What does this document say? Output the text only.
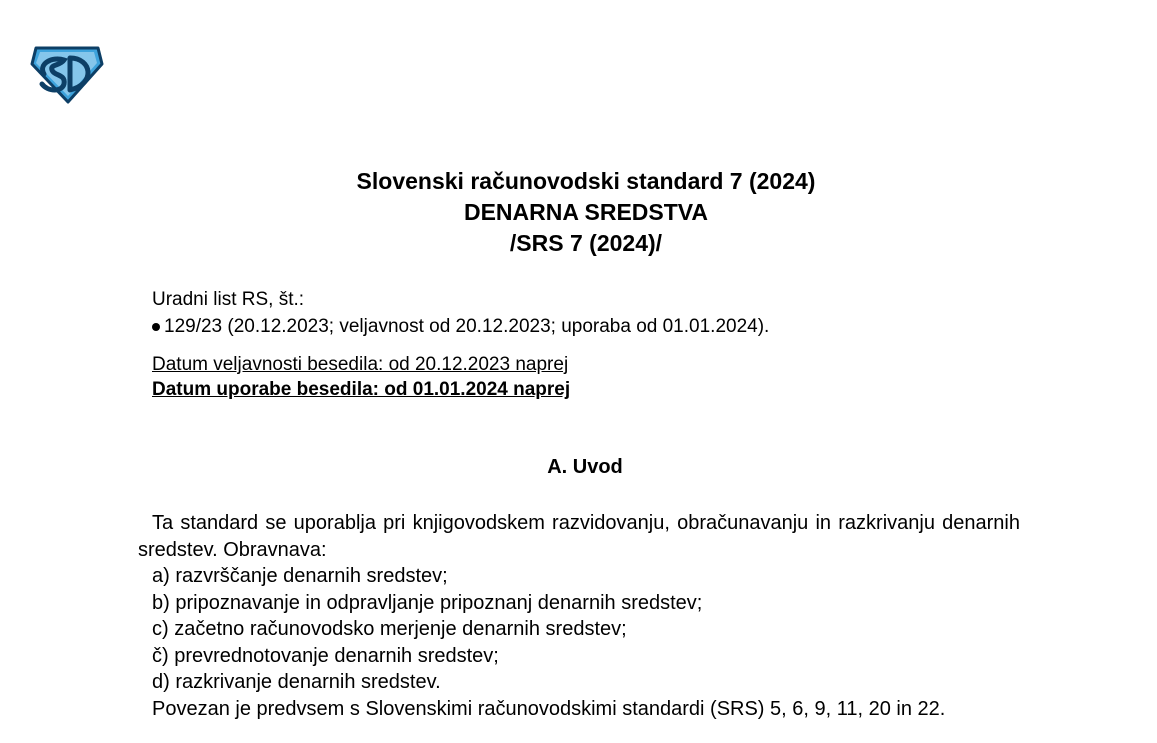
Slovenski računovodski standard 7 (2024)
DENARNA SREDSTVA
/SRS 7 (2024)/
Uradni list RS, št.:
129/23 (20.12.2023; veljavnost od 20.12.2023; uporaba od 01.01.2024).
Datum veljavnosti besedila: od 20.12.2023 naprej
Datum uporabe besedila: od 01.01.2024 naprej
A. Uvod
Ta standard se uporablja pri knjigovodskem razvidovanju, obračunavanju in razkrivanju denarnih sredstev. Obravnava:
a) razvrščanje denarnih sredstev;
b) pripoznavanje in odpravljanje pripoznanj denarnih sredstev;
c) začetno računovodsko merjenje denarnih sredstev;
č) prevrednotovanje denarnih sredstev;
d) razkrivanje denarnih sredstev.
Povezan je predvsem s Slovenskimi računovodskimi standardi (SRS) 5, 6, 9, 11, 20 in 22.
